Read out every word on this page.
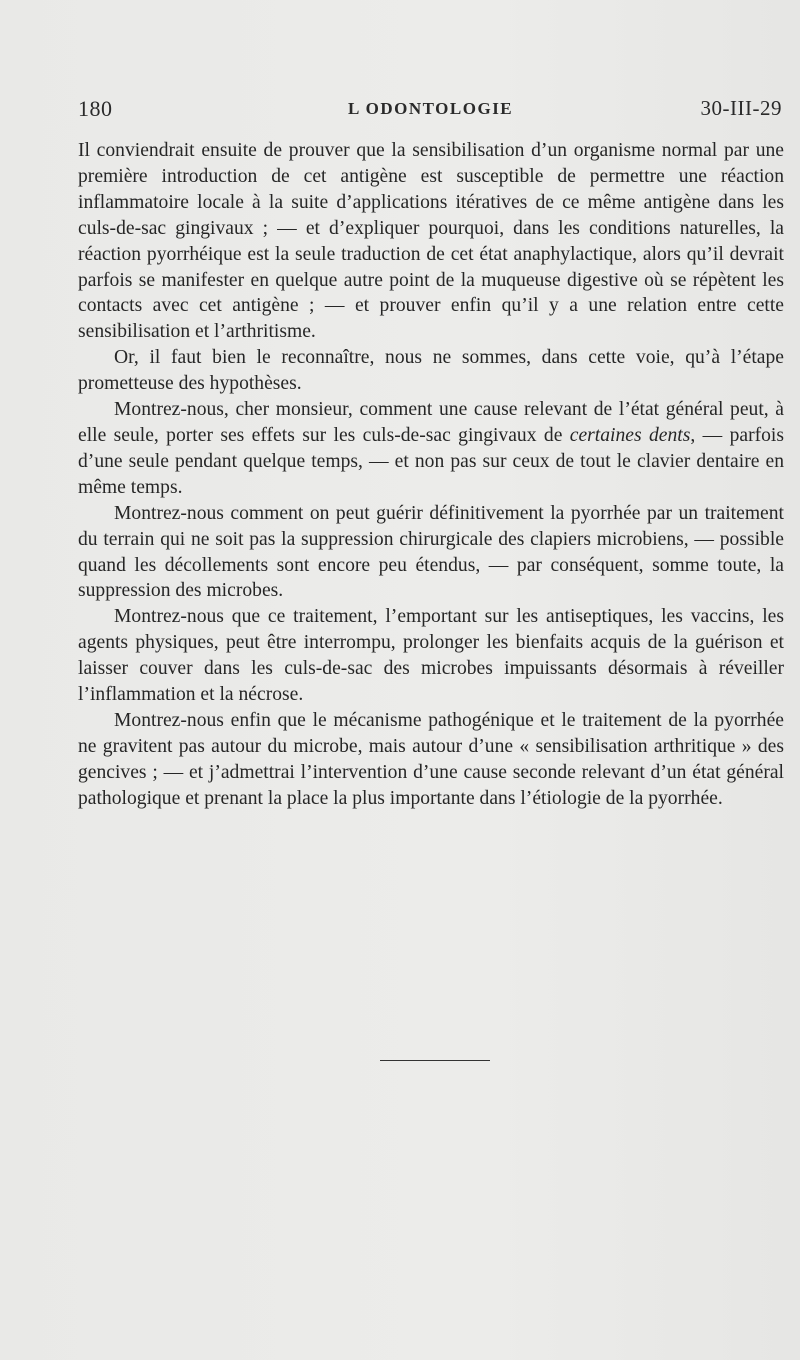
180	L ODONTOLOGIE	30-III-29

Il conviendrait ensuite de prouver que la sensibilisation d’un organisme normal par une première introduction de cet antigène est susceptible de permettre une réaction inflammatoire locale à la suite d’applications itératives de ce même antigène dans les culs-de-sac gingivaux ; — et d’expliquer pourquoi, dans les conditions naturelles, la réaction pyorrhéique est la seule traduction de cet état anaphylactique, alors qu’il devrait parfois se manifester en quelque autre point de la muqueuse digestive où se répètent les contacts avec cet antigène ; — et prouver enfin qu’il y a une relation entre cette sensibilisation et l’arthritisme.

Or, il faut bien le reconnaître, nous ne sommes, dans cette voie, qu’à l’étape prometteuse des hypothèses.

Montrez-nous, cher monsieur, comment une cause relevant de l’état général peut, à elle seule, porter ses effets sur les culs-de-sac gingivaux de certaines dents, — parfois d’une seule pendant quelque temps, — et non pas sur ceux de tout le clavier dentaire en même temps.

Montrez-nous comment on peut guérir définitivement la pyorrhée par un traitement du terrain qui ne soit pas la suppression chirurgicale des clapiers microbiens, — possible quand les décollements sont encore peu étendus, — par conséquent, somme toute, la suppression des microbes.

Montrez-nous que ce traitement, l’emportant sur les antiseptiques, les vaccins, les agents physiques, peut être interrompu, prolonger les bienfaits acquis de la guérison et laisser couver dans les culs-de-sac des microbes impuissants désormais à réveiller l’inflammation et la nécrose.

Montrez-nous enfin que le mécanisme pathogénique et le traitement de la pyorrhée ne gravitent pas autour du microbe, mais autour d’une « sensibilisation arthritique » des gencives ; — et j’admettrai l’intervention d’une cause seconde relevant d’un état général pathologique et prenant la place la plus importante dans l’étiologie de la pyorrhée.
